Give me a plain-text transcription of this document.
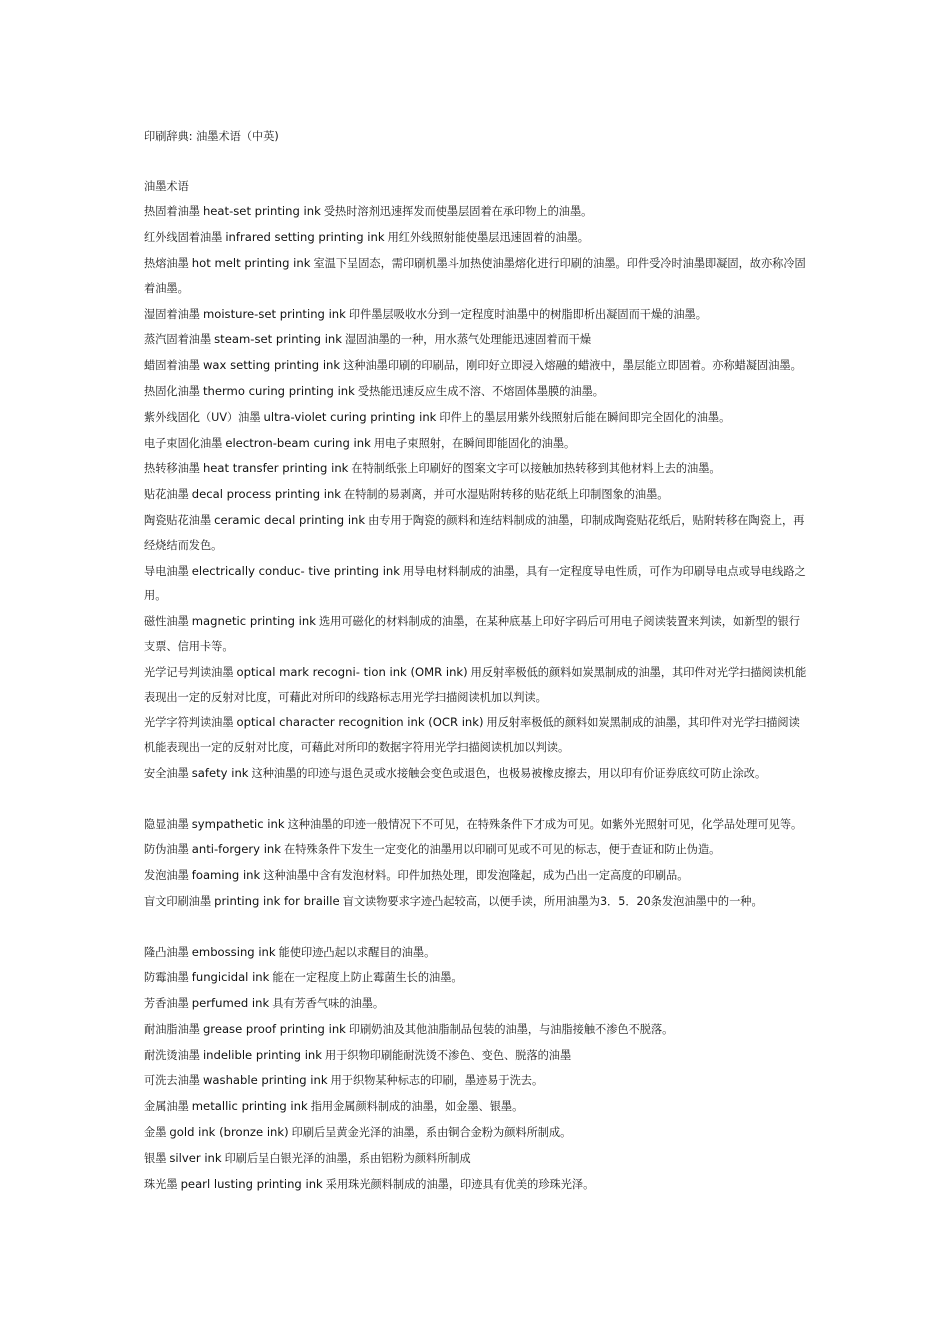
印刷辞典: 油墨术语（中英)

油墨术语

热固着油墨 heat-set printing ink 受热时溶剂迅速挥发而使墨层固着在承印物上的油墨。

红外线固着油墨 infrared setting printing ink 用红外线照射能使墨层迅速固着的油墨。

热熔油墨 hot melt printing ink 室温下呈固态，需印刷机墨斗加热使油墨熔化进行印刷的油墨。印件受冷时油墨即凝固，故亦称冷固着油墨。

湿固着油墨 moisture-set printing ink 印件墨层吸收水分到一定程度时油墨中的树脂即析出凝固而干燥的油墨。

蒸汽固着油墨 steam-set printing ink 湿固油墨的一种，用水蒸气处理能迅速固着而干燥

蜡固着油墨 wax setting printing ink 这种油墨印刷的印刷品，刚印好立即浸入熔融的蜡液中，墨层能立即固着。亦称蜡凝固油墨。

热固化油墨 thermo curing printing ink 受热能迅速反应生成不溶、不熔固体墨膜的油墨。

紫外线固化（UV）油墨 ultra-violet curing printing ink 印件上的墨层用紫外线照射后能在瞬间即完全固化的油墨。

电子束固化油墨 electron-beam curing ink 用电子束照射，在瞬间即能固化的油墨。

热转移油墨 heat transfer printing ink 在特制纸张上印刷好的图案文字可以接触加热转移到其他材料上去的油墨。

贴花油墨 decal process printing ink 在特制的易剥离，并可水湿贴附转移的贴花纸上印制图象的油墨。

陶瓷贴花油墨 ceramic decal printing ink 由专用于陶瓷的颜料和连结料制成的油墨，印制成陶瓷贴花纸后，贴附转移在陶瓷上，再经烧结而发色。

导电油墨 electrically conduc- tive printing ink 用导电材料制成的油墨，具有一定程度导电性质，可作为印刷导电点或导电线路之用。

磁性油墨 magnetic printing ink 选用可磁化的材料制成的油墨，在某种底基上印好字码后可用电子阅读装置来判读，如新型的银行支票、信用卡等。

光学记号判读油墨 optical mark recogni- tion ink (OMR ink) 用反射率极低的颜料如炭黑制成的油墨，其印件对光学扫描阅读机能表现出一定的反射对比度，可藉此对所印的线路标志用光学扫描阅读机加以判读。

光学字符判读油墨 optical character recognition ink (OCR ink) 用反射率极低的颜料如炭黑制成的油墨，其印件对光学扫描阅读机能表现出一定的反射对比度，可藉此对所印的数据字符用光学扫描阅读机加以判读。

安全油墨 safety ink 这种油墨的印迹与退色灵或水接触会变色或退色，也极易被橡皮擦去，用以印有价证券底纹可防止涂改。

隐显油墨 sympathetic ink 这种油墨的印迹一般情况下不可见，在特殊条件下才成为可见。如紫外光照射可见，化学品处理可见等。

防伪油墨 anti-forgery ink 在特殊条件下发生一定变化的油墨用以印刷可见或不可见的标志，便于查证和防止伪造。

发泡油墨 foaming ink 这种油墨中含有发泡材料。印件加热处理，即发泡隆起，成为凸出一定高度的印刷品。

盲文印刷油墨 printing ink for braille 盲文读物要求字迹凸起较高，以便手读，所用油墨为3．5．20条发泡油墨中的一种。

隆凸油墨 embossing ink 能使印迹凸起以求醒目的油墨。

防霉油墨 fungicidal ink 能在一定程度上防止霉菌生长的油墨。

芳香油墨 perfumed ink 具有芳香气味的油墨。

耐油脂油墨 grease proof printing ink 印刷奶油及其他油脂制品包装的油墨，与油脂接触不渗色不脱落。

耐洗烫油墨 indelible printing ink 用于织物印刷能耐洗烫不渗色、变色、脱落的油墨

可洗去油墨 washable printing ink 用于织物某种标志的印刷，墨迹易于洗去。

金属油墨 metallic printing ink 指用金属颜料制成的油墨，如金墨、银墨。

金墨 gold ink (bronze ink) 印刷后呈黄金光泽的油墨，系由铜合金粉为颜料所制成。

银墨 silver ink 印刷后呈白银光泽的油墨，系由铝粉为颜料所制成

珠光墨 pearl lusting printing ink 采用珠光颜料制成的油墨，印迹具有优美的珍珠光泽。
